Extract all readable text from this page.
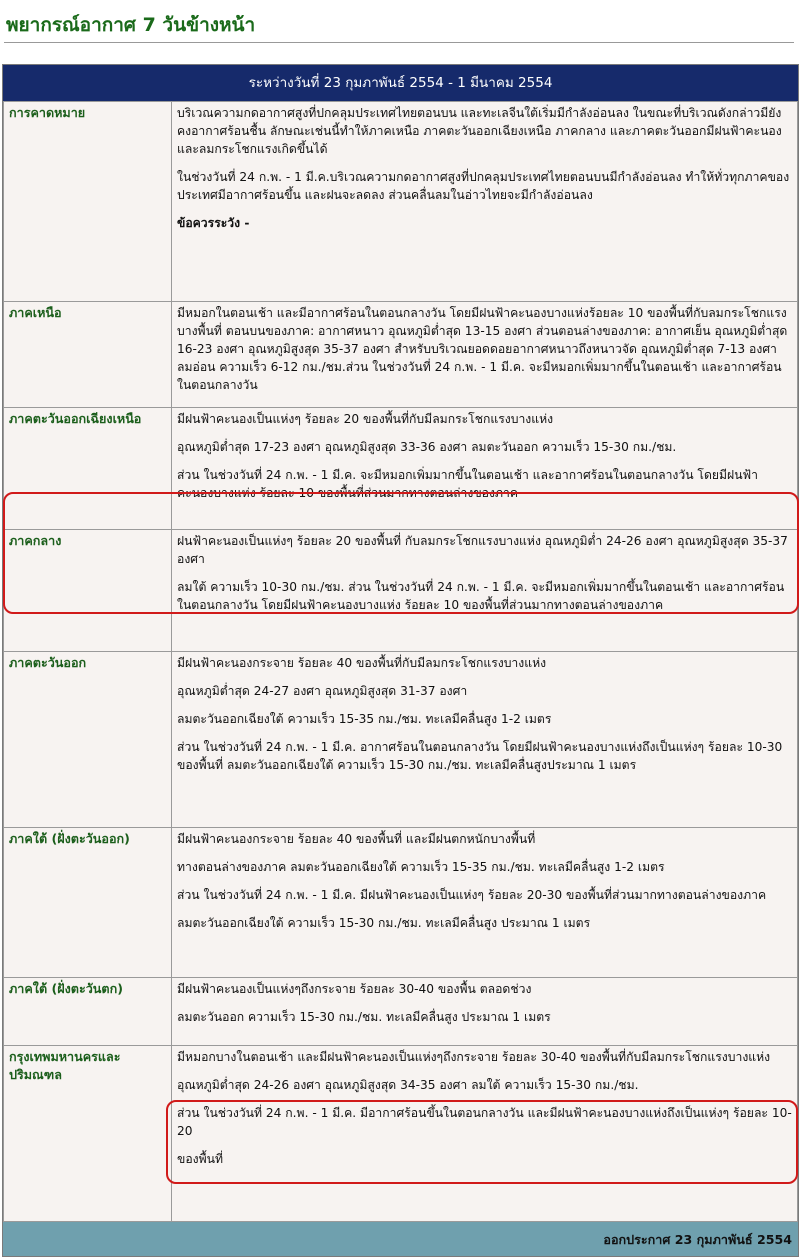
พยากรณ์อากาศ 7 วันข้างหน้า
ระหว่างวันที่ 23 กุมภาพันธ์ 2554 - 1 มีนาคม 2554
การคาดหมาย	บริเวณความกดอากาศสูงที่ปกคลุมประเทศไทยตอนบน และทะเลจีนใต้เริ่มมีกำลังอ่อนลง ในขณะที่บริเวณดังกล่าวมียังคงอากาศร้อนชื้น ลักษณะเช่นนี้ทำให้ภาคเหนือ ภาคตะวันออกเฉียงเหนือ ภาคกลาง และภาคตะวันออกมีฝนฟ้าคะนอง และลมกระโชกแรงเกิดขึ้นได้

ในช่วงวันที่ 24 ก.พ. - 1 มี.ค.บริเวณความกดอากาศสูงที่ปกคลุมประเทศไทยตอนบนมีกำลังอ่อนลง ทำให้ทั่วทุกภาคของประเทศมีอากาศร้อนขึ้น และฝนจะลดลง ส่วนคลื่นลมในอ่าวไทยจะมีกำลังอ่อนลง

ข้อควรระวัง -

ภาคเหนือ	มีหมอกในตอนเช้า และมีอากาศร้อนในตอนกลางวัน โดยมีฝนฟ้าคะนองบางแห่งร้อยละ 10 ของพื้นที่กับลมกระโชกแรงบางพื้นที่ ตอนบนของภาค: อากาศหนาว อุณหภูมิต่ำสุด 13-15 องศา ส่วนตอนล่างของภาค: อากาศเย็น อุณหภูมิต่ำสุด 16-23 องศา อุณหภูมิสูงสุด 35-37 องศา สำหรับบริเวณยอดดอยอากาศหนาวถึงหนาวจัด อุณหภูมิต่ำสุด 7-13 องศา ลมอ่อน ความเร็ว 6-12 กม./ชม.ส่วน ในช่วงวันที่ 24 ก.พ. - 1 มี.ค. จะมีหมอกเพิ่มมากขึ้นในตอนเช้า และอากาศร้อนในตอนกลางวัน

ภาคตะวันออกเฉียงเหนือ	มีฝนฟ้าคะนองเป็นแห่งๆ ร้อยละ 20 ของพื้นที่กับมีลมกระโชกแรงบางแห่ง

อุณหภูมิต่ำสุด 17-23 องศา อุณหภูมิสูงสุด 33-36 องศา ลมตะวันออก ความเร็ว 15-30 กม./ชม.

ส่วน ในช่วงวันที่ 24 ก.พ. - 1 มี.ค. จะมีหมอกเพิ่มมากขึ้นในตอนเช้า และอากาศร้อนในตอนกลางวัน โดยมีฝนฟ้าคะนองบางแห่ง ร้อยละ 10 ของพื้นที่ส่วนมากทางตอนล่างของภาค

ภาคกลาง	ฝนฟ้าคะนองเป็นแห่งๆ ร้อยละ 20 ของพื้นที่ กับลมกระโชกแรงบางแห่ง อุณหภูมิต่ำ 24-26 องศา อุณหภูมิสูงสุด 35-37 องศา

ลมใต้ ความเร็ว 10-30 กม./ชม. ส่วน ในช่วงวันที่ 24 ก.พ. - 1 มี.ค. จะมีหมอกเพิ่มมากขึ้นในตอนเช้า และอากาศร้อนในตอนกลางวัน โดยมีฝนฟ้าคะนองบางแห่ง ร้อยละ 10 ของพื้นที่ส่วนมากทางตอนล่างของภาค

ภาคตะวันออก	มีฝนฟ้าคะนองกระจาย ร้อยละ 40 ของพื้นที่กับมีลมกระโชกแรงบางแห่ง

อุณหภูมิต่ำสุด 24-27 องศา อุณหภูมิสูงสุด 31-37 องศา

ลมตะวันออกเฉียงใต้ ความเร็ว 15-35 กม./ชม. ทะเลมีคลื่นสูง 1-2 เมตร

ส่วน ในช่วงวันที่ 24 ก.พ. - 1 มี.ค. อากาศร้อนในตอนกลางวัน โดยมีฝนฟ้าคะนองบางแห่งถึงเป็นแห่งๆ ร้อยละ 10-30 ของพื้นที่ ลมตะวันออกเฉียงใต้ ความเร็ว 15-30 กม./ชม. ทะเลมีคลื่นสูงประมาณ 1 เมตร

ภาคใต้ (ฝั่งตะวันออก)	มีฝนฟ้าคะนองกระจาย ร้อยละ 40 ของพื้นที่ และมีฝนตกหนักบางพื้นที่

ทางตอนล่างของภาค ลมตะวันออกเฉียงใต้ ความเร็ว 15-35 กม./ชม. ทะเลมีคลื่นสูง 1-2 เมตร

ส่วน ในช่วงวันที่ 24 ก.พ. - 1 มี.ค. มีฝนฟ้าคะนองเป็นแห่งๆ ร้อยละ 20-30 ของพื้นที่ส่วนมากทางตอนล่างของภาค

ลมตะวันออกเฉียงใต้ ความเร็ว 15-30 กม./ชม. ทะเลมีคลื่นสูง ประมาณ 1 เมตร

ภาคใต้ (ฝั่งตะวันตก)	มีฝนฟ้าคะนองเป็นแห่งๆถึงกระจาย ร้อยละ 30-40 ของพื้น ตลอดช่วง

ลมตะวันออก ความเร็ว 15-30 กม./ชม. ทะเลมีคลื่นสูง ประมาณ 1 เมตร

กรุงเทพมหานครและปริมณฑล	มีหมอกบางในตอนเช้า และมีฝนฟ้าคะนองเป็นแห่งๆถึงกระจาย ร้อยละ 30-40 ของพื้นที่กับมีลมกระโชกแรงบางแห่ง

อุณหภูมิต่ำสุด 24-26 องศา อุณหภูมิสูงสุด 34-35 องศา ลมใต้ ความเร็ว 15-30 กม./ชม.

ส่วน ในช่วงวันที่ 24 ก.พ. - 1 มี.ค. มีอากาศร้อนขึ้นในตอนกลางวัน และมีฝนฟ้าคะนองบางแห่งถึงเป็นแห่งๆ ร้อยละ 10-20

ของพื้นที่

ออกประกาศ 23 กุมภาพันธ์ 2554
